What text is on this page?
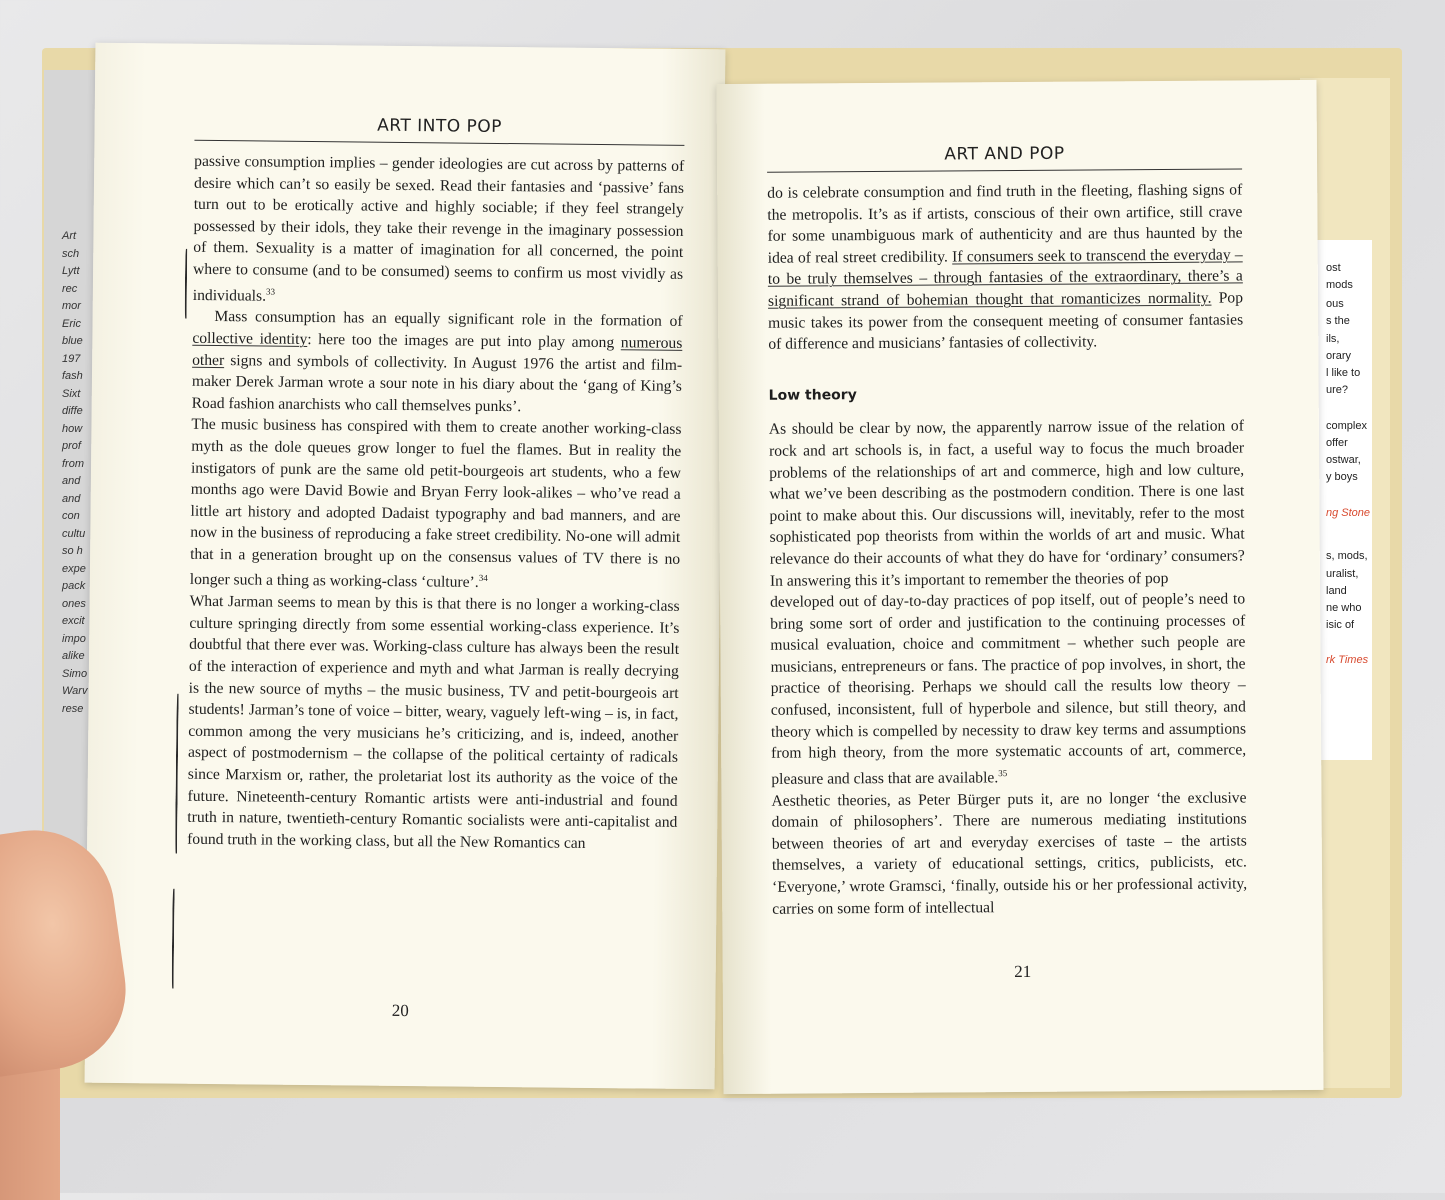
Art
sch
Lytt
rec
mor
Eric
blue
197
fash
Sixt
diffe
how
prof
from
and
and
con
cultu
so h
expe
pack
ones
excit
impo
alike
Simo
Warv
rese
ost
mods
ous
s the
ils,
orary
l like to
ure?
complex
offer
ostwar,
y boys
ng Stone
s, mods,
uralist,
land
ne who
isic of
rk Times
ART INTO POP

passive consumption implies – gender ideologies are cut across by patterns of desire which can’t so easily be sexed. Read their fantasies and ‘passive’ fans turn out to be erotically active and highly sociable; if they feel strangely possessed by their idols, they take their revenge in the imaginary possession of them. Sexuality is a matter of imagination for all concerned, the point where to consume (and to be consumed) seems to confirm us most vividly as individuals.$^{33}$

Mass consumption has an equally significant role in the formation of collective identity: here too the images are put into play among numerous other signs and symbols of collectivity. In August 1976 the artist and film-maker Derek Jarman wrote a sour note in his diary about the ‘gang of King’s Road fashion anarchists who call themselves punks’.

The music business has conspired with them to create another working-class myth as the dole queues grow longer to fuel the flames. But in reality the instigators of punk are the same old petit-bourgeois art students, who a few months ago were David Bowie and Bryan Ferry look-alikes – who’ve read a little art history and adopted Dadaist typography and bad manners, and are now in the business of reproducing a fake street credibility. No-one will admit that in a generation brought up on the consensus values of TV there is no longer such a thing as working-class ‘culture’.$^{34}$

What Jarman seems to mean by this is that there is no longer a working-class culture springing directly from some essential working-class experience. It’s doubtful that there ever was. Working-class culture has always been the result of the interaction of experience and myth and what Jarman is really decrying is the new source of myths – the music business, TV and petit-bourgeois art students! Jarman’s tone of voice – bitter, weary, vaguely left-wing – is, in fact, common among the very musicians he’s criticizing, and is, indeed, another aspect of postmodernism – the collapse of the political certainty of radicals since Marxism or, rather, the proletariat lost its authority as the voice of the future. Nineteenth-century Romantic artists were anti-industrial and found truth in nature, twentieth-century Romantic socialists were anti-capitalist and found truth in the working class, but all the New Romantics can

20
ART AND POP

do is celebrate consumption and find truth in the fleeting, flashing signs of the metropolis. It’s as if artists, conscious of their own artifice, still crave for some unambiguous mark of authenticity and are thus haunted by the idea of real street credibility. If consumers seek to transcend the everyday – to be truly themselves – through fantasies of the extraordinary, there’s a significant strand of bohemian thought that romanticizes normality. Pop music takes its power from the consequent meeting of consumer fantasies of difference and musicians’ fantasies of collectivity.

Low theory

As should be clear by now, the apparently narrow issue of the relation of rock and art schools is, in fact, a useful way to focus the much broader problems of the relationships of art and commerce, high and low culture, what we’ve been describing as the postmodern condition. There is one last point to make about this. Our discussions will, inevitably, refer to the most sophisticated pop theorists from within the worlds of art and music. What relevance do their accounts of what they do have for ‘ordinary’ consumers? In answering this it’s important to remember the theories of pop

developed out of day-to-day practices of pop itself, out of people’s need to bring some sort of order and justification to the continuing processes of musical evaluation, choice and commitment – whether such people are musicians, entrepreneurs or fans. The practice of pop involves, in short, the practice of theorising. Perhaps we should call the results low theory – confused, inconsistent, full of hyperbole and silence, but still theory, and theory which is compelled by necessity to draw key terms and assumptions from high theory, from the more systematic accounts of art, commerce, pleasure and class that are available.$^{35}$

Aesthetic theories, as Peter Bürger puts it, are no longer ‘the exclusive domain of philosophers’. There are numerous mediating institutions between theories of art and everyday exercises of taste – the artists themselves, a variety of educational settings, critics, publicists, etc. ‘Everyone,’ wrote Gramsci, ‘finally, outside his or her professional activity, carries on some form of intellectual

21
